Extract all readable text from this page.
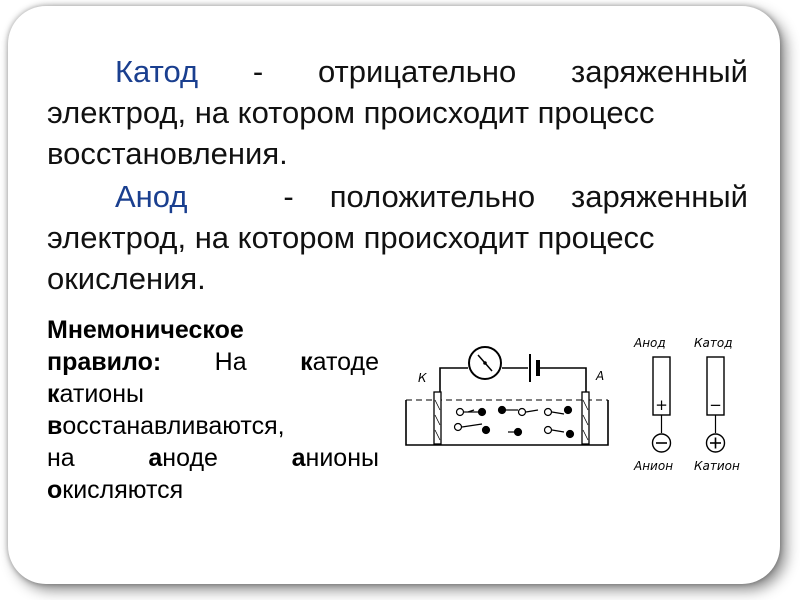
Катод - отрицательно заряженный
электрод, на котором происходит процесс
восстановления.
Анод	- положительно заряженный
электрод, на котором происходит процесс
окисления.
Мнемоническое
правило: На катоде
катионы
восстанавливаются,
на	аноде	анионы
окисляются
К	А
Анод Катод
+	−
Анион Катион
